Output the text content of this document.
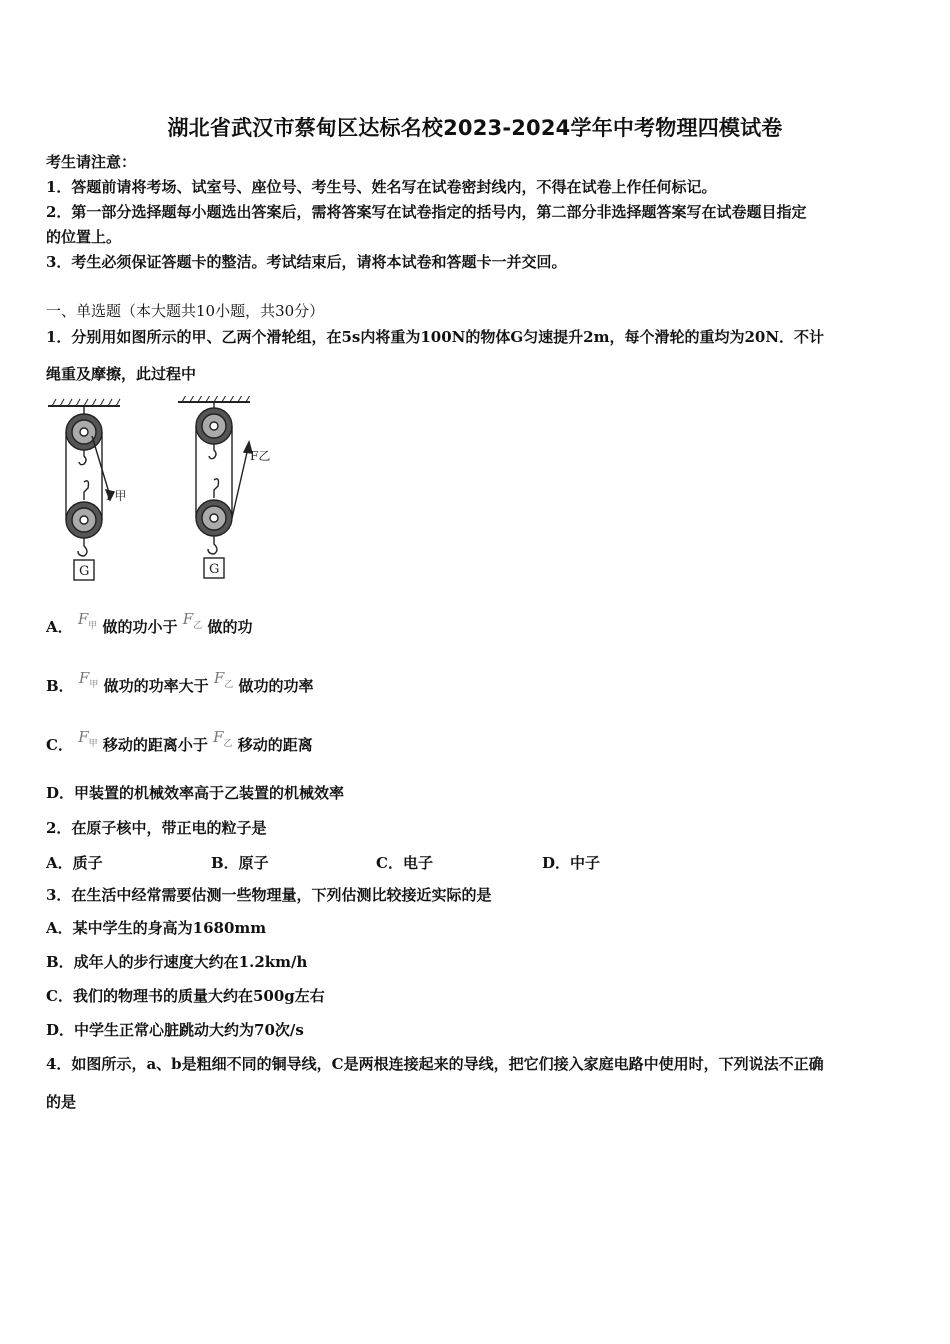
湖北省武汉市蔡甸区达标名校2023-2024学年中考物理四模试卷
考生请注意：
1．答题前请将考场、试室号、座位号、考生号、姓名写在试卷密封线内，不得在试卷上作任何标记。
2．第一部分选择题每小题选出答案后，需将答案写在试卷指定的括号内，第二部分非选择题答案写在试卷题目指定
的位置上。
3．考生必须保证答题卡的整洁。考试结束后，请将本试卷和答题卡一并交回。
一、单选题（本大题共10小题，共30分）
1．分别用如图所示的甲、乙两个滑轮组，在5s内将重为100N的物体G匀速提升2m，每个滑轮的重均为20N．不计
绳重及摩擦，此过程中
G
F甲
G
F乙
A． $F_甲$ 做的功小于 $F_乙$ 做的功
B． $F_甲$ 做功的功率大于 $F_乙$ 做功的功率
C． $F_甲$ 移动的距离小于 $F_乙$ 移动的距离
D．甲装置的机械效率高于乙装置的机械效率
2．在原子核中，带正电的粒子是
A．质子	B．原子	C．电子	D．中子
3．在生活中经常需要估测一些物理量，下列估测比较接近实际的是
A．某中学生的身高为1680mm
B．成年人的步行速度大约在1.2km/h
C．我们的物理书的质量大约在500g左右
D．中学生正常心脏跳动大约为70次/s
4．如图所示，a、b是粗细不同的铜导线，C是两根连接起来的导线，把它们接入家庭电路中使用时，下列说法不正确
的是
